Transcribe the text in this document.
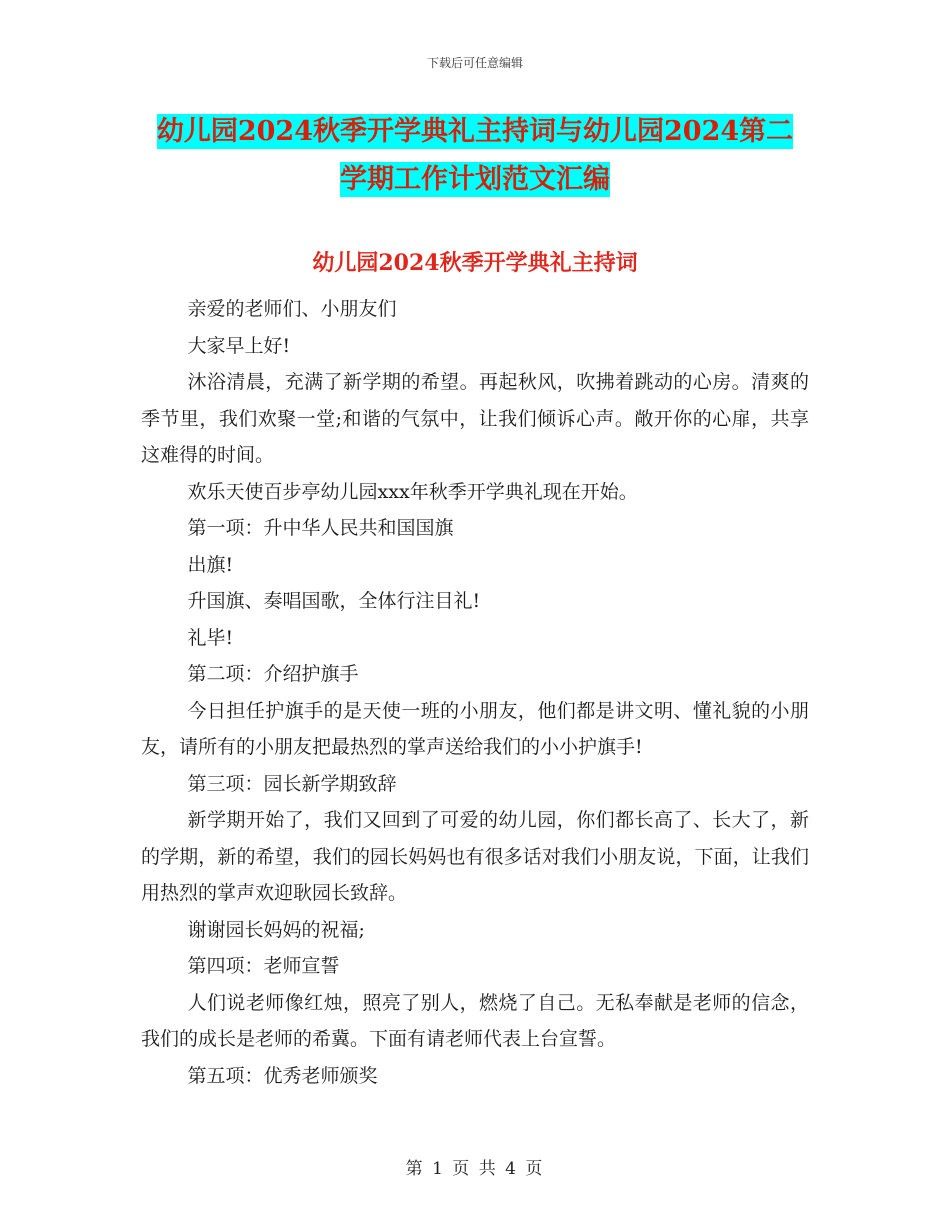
下载后可任意编辑
幼儿园2024秋季开学典礼主持词与幼儿园2024第二
学期工作计划范文汇编
幼儿园2024秋季开学典礼主持词

亲爱的老师们、小朋友们

大家早上好!

沐浴清晨，充满了新学期的希望。再起秋风，吹拂着跳动的心房。清爽的季节里，我们欢聚一堂;和谐的气氛中，让我们倾诉心声。敞开你的心扉，共享这难得的时间。

欢乐天使百步亭幼儿园xxx年秋季开学典礼现在开始。

第一项：升中华人民共和国国旗

出旗!

升国旗、奏唱国歌，全体行注目礼!

礼毕!

第二项：介绍护旗手

今日担任护旗手的是天使一班的小朋友，他们都是讲文明、懂礼貌的小朋友，请所有的小朋友把最热烈的掌声送给我们的小小护旗手!

第三项：园长新学期致辞

新学期开始了，我们又回到了可爱的幼儿园，你们都长高了、长大了，新的学期，新的希望，我们的园长妈妈也有很多话对我们小朋友说，下面，让我们用热烈的掌声欢迎耿园长致辞。

谢谢园长妈妈的祝福;

第四项：老师宣誓

人们说老师像红烛，照亮了别人，燃烧了自己。无私奉献是老师的信念，我们的成长是老师的希冀。下面有请老师代表上台宣誓。

第五项：优秀老师颁奖

第 1 页 共 4 页
